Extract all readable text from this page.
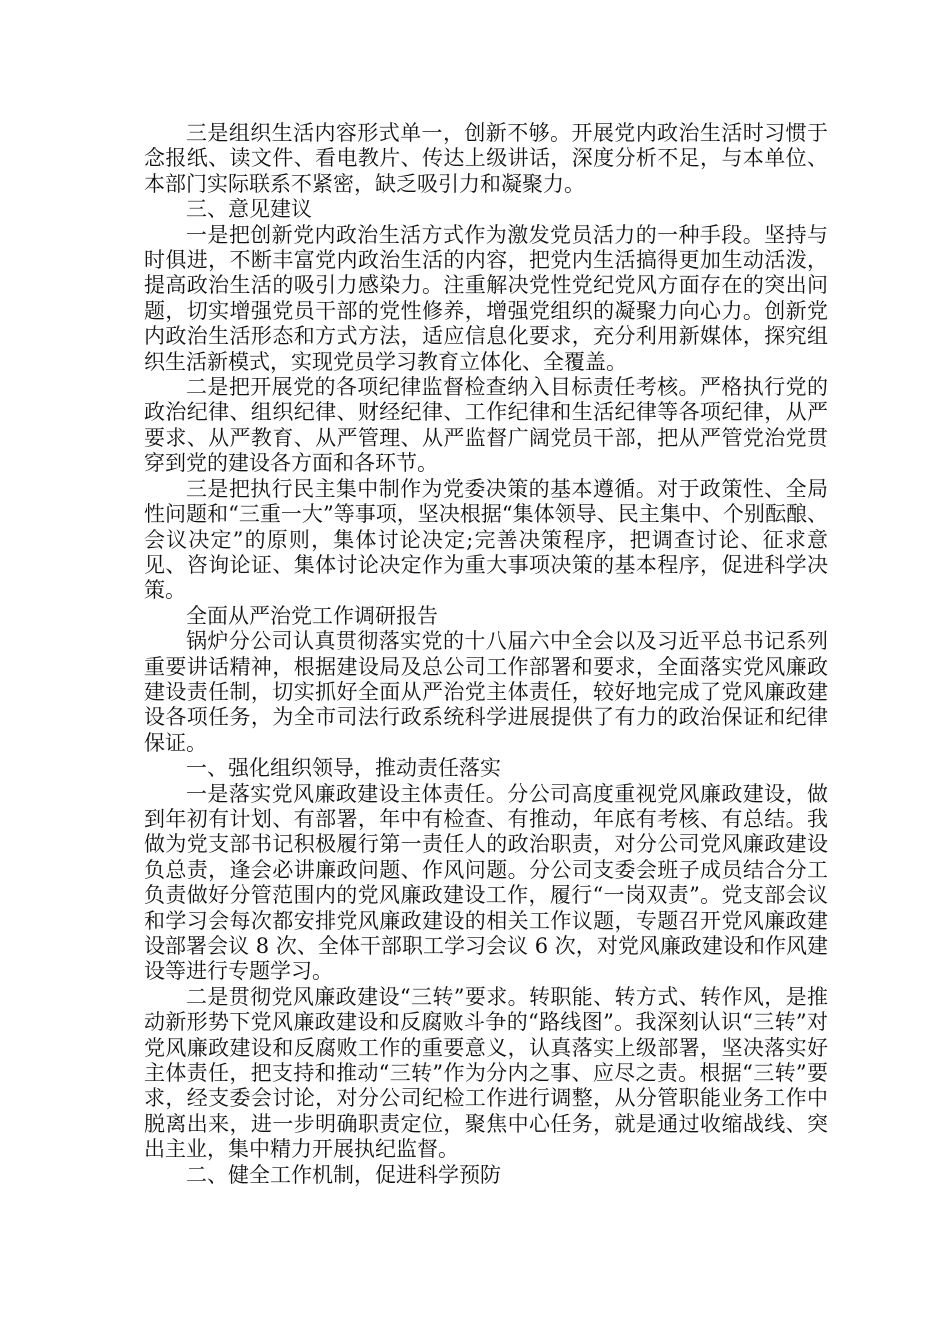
三是组织生活内容形式单一，创新不够。开展党内政治生活时习惯于念报纸、读文件、看电教片、传达上级讲话，深度分析不足，与本单位、本部门实际联系不紧密，缺乏吸引力和凝聚力。

三、意见建议

一是把创新党内政治生活方式作为激发党员活力的一种手段。坚持与时俱进，不断丰富党内政治生活的内容，把党内生活搞得更加生动活泼，提高政治生活的吸引力感染力。注重解决党性党纪党风方面存在的突出问题，切实增强党员干部的党性修养，增强党组织的凝聚力向心力。创新党内政治生活形态和方式方法，适应信息化要求，充分利用新媒体，探究组织生活新模式，实现党员学习教育立体化、全覆盖。

二是把开展党的各项纪律监督检查纳入目标责任考核。严格执行党的政治纪律、组织纪律、财经纪律、工作纪律和生活纪律等各项纪律，从严要求、从严教育、从严管理、从严监督广阔党员干部，把从严管党治党贯穿到党的建设各方面和各环节。

三是把执行民主集中制作为党委决策的基本遵循。对于政策性、全局性问题和“三重一大”等事项，坚决根据“集体领导、民主集中、个别酝酿、会议决定”的原则，集体讨论决定;完善决策程序，把调查讨论、征求意见、咨询论证、集体讨论决定作为重大事项决策的基本程序，促进科学决策。

全面从严治党工作调研报告

锅炉分公司认真贯彻落实党的十八届六中全会以及习近平总书记系列重要讲话精神，根据建设局及总公司工作部署和要求，全面落实党风廉政建设责任制，切实抓好全面从严治党主体责任，较好地完成了党风廉政建设各项任务，为全市司法行政系统科学进展提供了有力的政治保证和纪律保证。

一、强化组织领导，推动责任落实

一是落实党风廉政建设主体责任。分公司高度重视党风廉政建设，做到年初有计划、有部署，年中有检查、有推动，年底有考核、有总结。我做为党支部书记积极履行第一责任人的政治职责，对分公司党风廉政建设负总责，逢会必讲廉政问题、作风问题。分公司支委会班子成员结合分工负责做好分管范围内的党风廉政建设工作，履行“一岗双责”。党支部会议和学习会每次都安排党风廉政建设的相关工作议题，专题召开党风廉政建设部署会议 8 次、全体干部职工学习会议 6 次，对党风廉政建设和作风建设等进行专题学习。

二是贯彻党风廉政建设“三转”要求。转职能、转方式、转作风，是推动新形势下党风廉政建设和反腐败斗争的“路线图”。我深刻认识“三转”对党风廉政建设和反腐败工作的重要意义，认真落实上级部署，坚决落实好主体责任，把支持和推动“三转”作为分内之事、应尽之责。根据“三转”要求，经支委会讨论，对分公司纪检工作进行调整，从分管职能业务工作中脱离出来，进一步明确职责定位，聚焦中心任务，就是通过收缩战线、突出主业，集中精力开展执纪监督。

二、健全工作机制，促进科学预防
